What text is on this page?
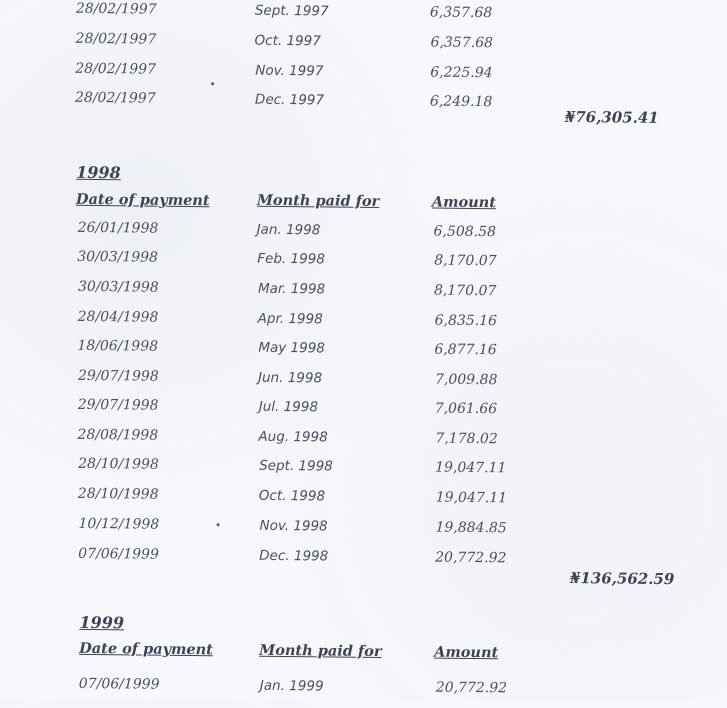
28/02/1997	Sept. 1997	6,357.68
28/02/1997	Oct. 1997	6,357.68
28/02/1997	Nov. 1997	6,225.94
28/02/1997	Dec. 1997	6,249.18
₦76,305.41
1998
Date of payment	Month paid for	Amount
26/01/1998	Jan. 1998	6,508.58
30/03/1998	Feb. 1998	8,170.07
30/03/1998	Mar. 1998	8,170.07
28/04/1998	Apr. 1998	6,835.16
18/06/1998	May 1998	6,877.16
29/07/1998	Jun. 1998	7,009.88
29/07/1998	Jul. 1998	7,061.66
28/08/1998	Aug. 1998	7,178.02
28/10/1998	Sept. 1998	19,047.11
28/10/1998	Oct. 1998	19,047.11
10/12/1998	Nov. 1998	19,884.85
07/06/1999	Dec. 1998	20,772.92
₦136,562.59
1999
Date of payment	Month paid for	Amount
07/06/1999	Jan. 1999	20,772.92
